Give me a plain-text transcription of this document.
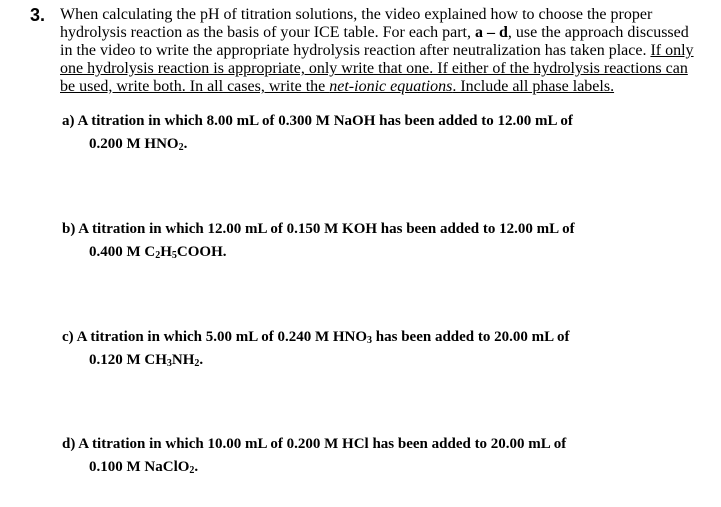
3. When calculating the pH of titration solutions, the video explained how to choose the proper
hydrolysis reaction as the basis of your ICE table. For each part, a – d, use the approach discussed
in the video to write the appropriate hydrolysis reaction after neutralization has taken place. If only
one hydrolysis reaction is appropriate, only write that one. If either of the hydrolysis reactions can
be used, write both. In all cases, write the net-ionic equations. Include all phase labels.

a) A titration in which 8.00 mL of 0.300 M NaOH has been added to 12.00 mL of
0.200 M $HNO_2$.

b) A titration in which 12.00 mL of 0.150 M KOH has been added to 12.00 mL of
0.400 M $C_2H_5COOH$.

c) A titration in which 5.00 mL of 0.240 M $HNO_3$ has been added to 20.00 mL of
0.120 M $CH_3NH_2$.

d) A titration in which 10.00 mL of 0.200 M HCl has been added to 20.00 mL of
0.100 M NaClO$_2$.
